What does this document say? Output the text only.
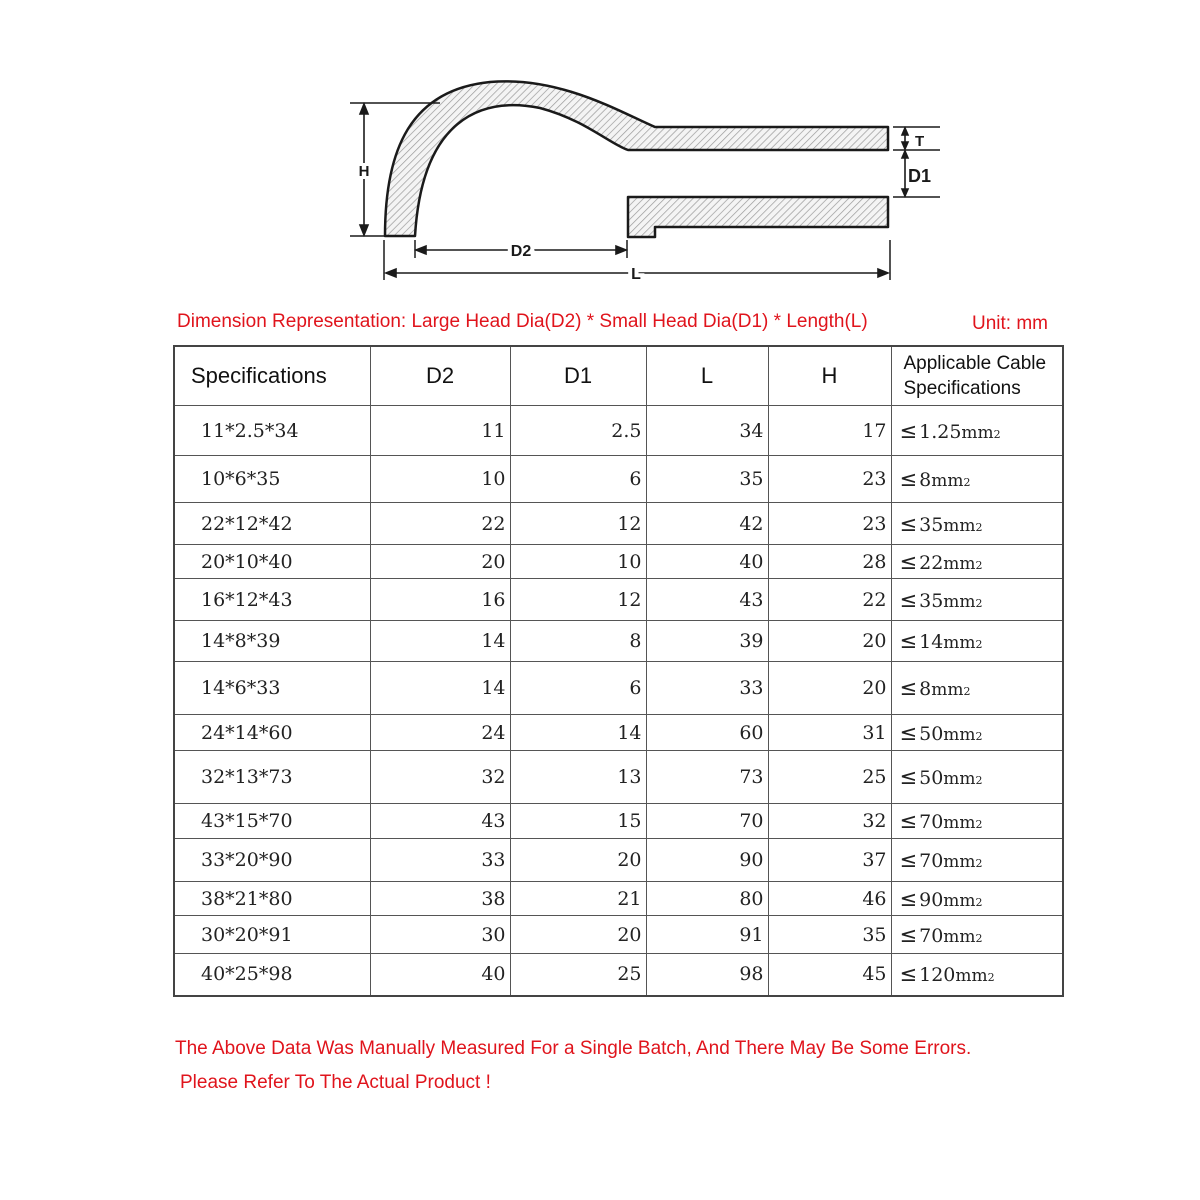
H
D2
L
T
D1
Dimension Representation: Large Head Dia(D2) * Small Head Dia(D1) * Length(L)	Unit: mm
Specifications	D2	D1	L	H	Applicable Cable
Specifications
11*2.5*34	11	2.5	34	17	≤ 1.25 mm 2

10*6*35	10	6	35	23	≤ 8 mm 2

22*12*42	22	12	42	23	≤ 35 mm 2

20*10*40	20	10	40	28	≤ 22 mm 2

16*12*43	16	12	43	22	≤ 35 mm 2

14*8*39	14	8	39	20	≤ 14 mm 2

14*6*33	14	6	33	20	≤ 8 mm 2

24*14*60	24	14	60	31	≤ 50 mm 2

32*13*73	32	13	73	25	≤ 50 mm 2

43*15*70	43	15	70	32	≤ 70 mm 2

33*20*90	33	20	90	37	≤ 70 mm 2

38*21*80	38	21	80	46	≤ 90 mm 2

30*20*91	30	20	91	35	≤ 70 mm 2

40*25*98	40	25	98	45	≤ 120 mm 2
The Above Data Was Manually Measured For a Single Batch, And There May Be Some Errors.
Please Refer To The Actual Product !
